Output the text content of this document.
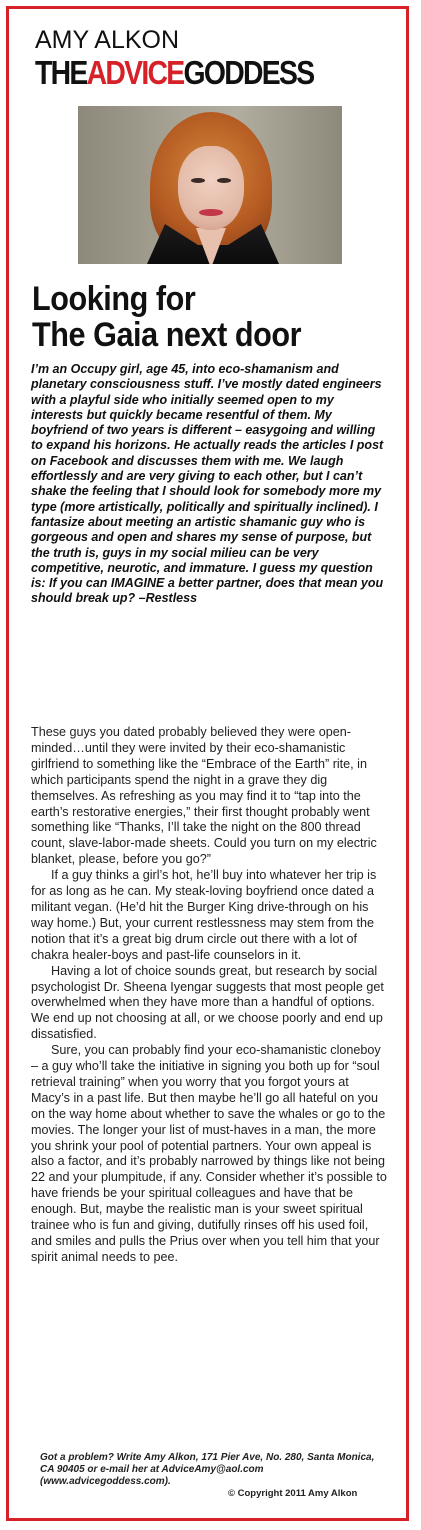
AMY ALKON
THEADVICEGODDESS
Looking for
The Gaia next door

I’m an Occupy girl, age 45, into eco-shamanism and planetary consciousness stuff. I’ve mostly dated engineers with a playful side who initially seemed open to my interests but quickly became resentful of them. My boyfriend of two years is different – easygoing and willing to expand his horizons. He actually reads the articles I post on Facebook and discusses them with me. We laugh effortlessly and are very giving to each other, but I can’t shake the feeling that I should look for somebody more my type (more artistically, politically and spiritually inclined). I fantasize about meeting an artistic shamanic guy who is gorgeous and open and shares my sense of purpose, but the truth is, guys in my social milieu can be very competitive, neurotic, and immature. I guess my question is: If you can IMAGINE a better partner, does that mean you should break up? –Restless

These guys you dated probably believed they were open-minded…until they were invited by their eco-shamanistic girlfriend to something like the “Embrace of the Earth” rite, in which participants spend the night in a grave they dig themselves. As refreshing as you may find it to “tap into the earth’s restorative energies,” their first thought probably went something like “Thanks, I’ll take the night on the 800 thread count, slave-labor-made sheets. Could you turn on my electric blanket, please, before you go?”

If a guy thinks a girl’s hot, he’ll buy into whatever her trip is for as long as he can. My steak-loving boyfriend once dated a militant vegan. (He’d hit the Burger King drive-through on his way home.) But, your current restlessness may stem from the notion that it’s a great big drum circle out there with a lot of chakra healer-boys and past-life counselors in it.

Having a lot of choice sounds great, but research by social psychologist Dr. Sheena Iyengar suggests that most people get overwhelmed when they have more than a handful of options. We end up not choosing at all, or we choose poorly and end up dissatisfied.

Sure, you can probably find your eco-shamanistic cloneboy – a guy who’ll take the initiative in signing you both up for “soul retrieval training” when you worry that you forgot yours at Macy’s in a past life. But then maybe he’ll go all hateful on you on the way home about whether to save the whales or go to the movies. The longer your list of must-haves in a man, the more you shrink your pool of potential partners. Your own appeal is also a factor, and it’s probably narrowed by things like not being 22 and your plumpitude, if any. Consider whether it’s possible to have friends be your spiritual colleagues and have that be enough. But, maybe the realistic man is your sweet spiritual trainee who is fun and giving, dutifully rinses off his used foil, and smiles and pulls the Prius over when you tell him that your spirit animal needs to pee.

Got a problem? Write Amy Alkon, 171 Pier Ave, No. 280, Santa Monica, CA 90405 or e-mail her at AdviceAmy@aol.com (www.advicegoddess.com).

© Copyright 2011 Amy Alkon
